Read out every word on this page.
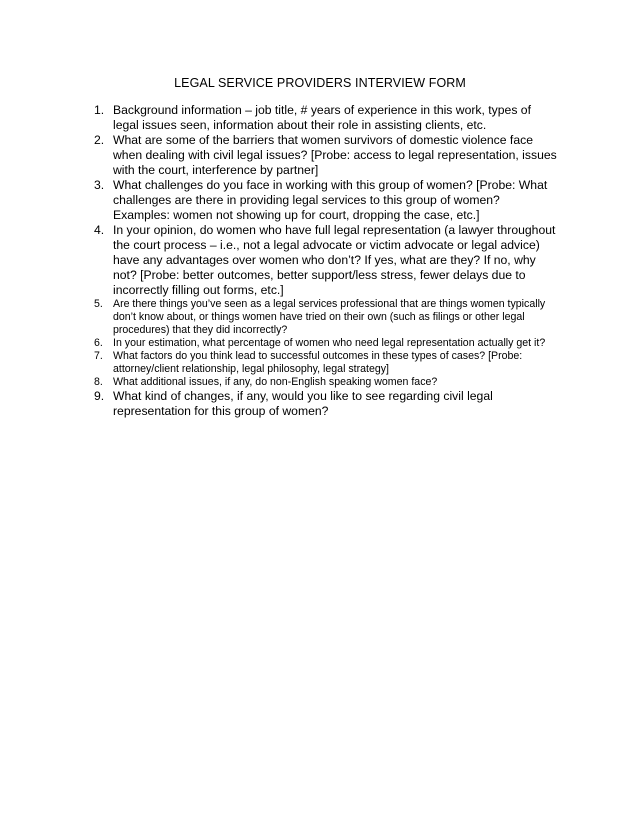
LEGAL SERVICE PROVIDERS INTERVIEW FORM
1. Background information – job title, # years of experience in this work, types of legal issues seen, information about their role in assisting clients, etc.
2. What are some of the barriers that women survivors of domestic violence face when dealing with civil legal issues? [Probe: access to legal representation, issues with the court, interference by partner]
3. What challenges do you face in working with this group of women? [Probe: What challenges are there in providing legal services to this group of women? Examples: women not showing up for court, dropping the case, etc.]
4. In your opinion, do women who have full legal representation (a lawyer throughout the court process – i.e., not a legal advocate or victim advocate or legal advice) have any advantages over women who don’t? If yes, what are they? If no, why not? [Probe: better outcomes, better support/less stress, fewer delays due to incorrectly filling out forms, etc.]
5. Are there things you’ve seen as a legal services professional that are things women typically don’t know about, or things women have tried on their own (such as filings or other legal procedures) that they did incorrectly?
6. In your estimation, what percentage of women who need legal representation actually get it?
7. What factors do you think lead to successful outcomes in these types of cases? [Probe: attorney/client relationship, legal philosophy, legal strategy]
8. What additional issues, if any, do non-English speaking women face?
9. What kind of changes, if any, would you like to see regarding civil legal representation for this group of women?
